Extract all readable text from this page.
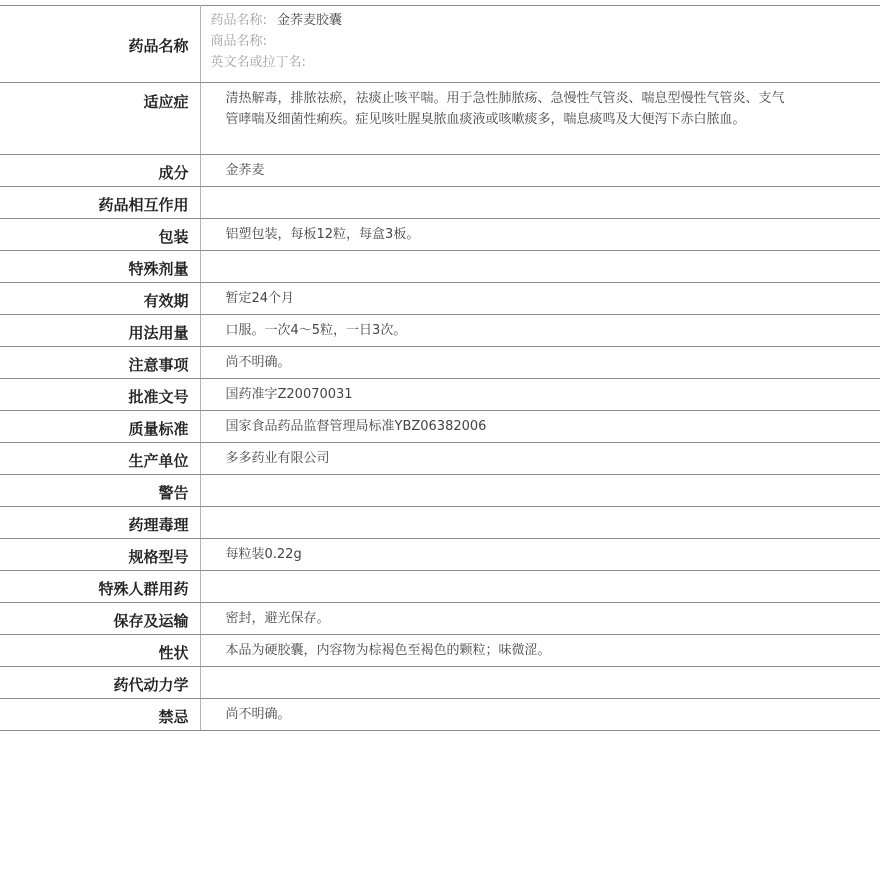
药品名称	药品名称: 金荞麦胶囊
商品名称:
英文名或拉丁名:

适应症	清热解毒，排脓祛瘀，祛痰止咳平喘。用于急性肺脓疡、急慢性气管炎、喘息型慢性气管炎、支气管哮喘及细菌性痢疾。症见咳吐腥臭脓血痰液或咳嗽痰多，喘息痰鸣及大便泻下赤白脓血。
成分	金荞麦
药品相互作用	
包装	铝塑包装，每板12粒，每盒3板。
特殊剂量	
有效期	暂定24个月
用法用量	口服。一次4～5粒，一日3次。
注意事项	尚不明确。
批准文号	国药准字Z20070031
质量标准	国家食品药品监督管理局标准YBZ06382006
生产单位	多多药业有限公司
警告	
药理毒理	
规格型号	每粒装0.22g
特殊人群用药	
保存及运输	密封，避光保存。
性状	本品为硬胶囊，内容物为棕褐色至褐色的颗粒；味微涩。
药代动力学	
禁忌	尚不明确。
